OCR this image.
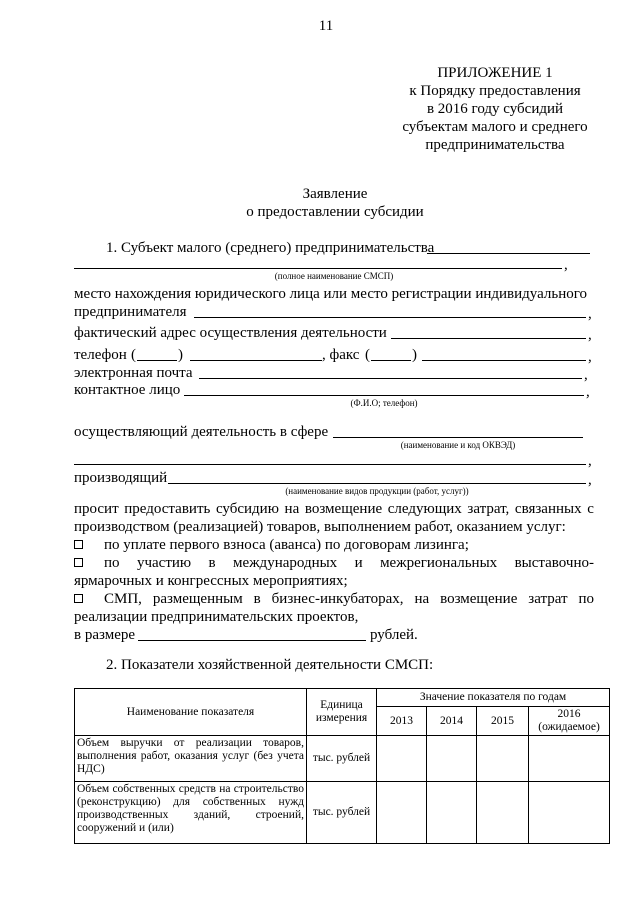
11
ПРИЛОЖЕНИЕ 1
к Порядку предоставления
в 2016 году субсидий
субъектам малого и среднего
предпринимательства
Заявление
о предоставлении субсидии
1. Субъект малого (среднего) предпринимательства
,
(полное наименование СМСП)
место нахождения юридического лица или место регистрации индивидуального
предпринимателя	,
фактический адрес осуществления деятельности	,
телефон (	)	, факс (	)	,
электронная почта	,
контактное лицо	,
(Ф.И.О; телефон)
осуществляющий деятельность в сфере
(наименование и код ОКВЭД)
,
производящий	,
(наименование видов продукции (работ, услуг))
просит предоставить субсидию на возмещение следующих затрат, связанных с
производством (реализацией) товаров, выполнением работ, оказанием услуг:
по уплате первого взноса (аванса) по договорам лизинга;
по участию в международных и межрегиональных выставочно-
ярмарочных и конгрессных мероприятиях;
СМП, размещенным в бизнес-инкубаторах, на возмещение затрат по
реализации предпринимательских проектов,
в размере	рублей.
2. Показатели хозяйственной деятельности СМСП:
Наименование показателя	Единица измерения	Значение показателя по годам			
		2013	2014	2015	2016 (ожидаемое)
Объем выручки от реализации товаров, выполнения работ, оказания услуг (без учета НДС)	тыс. рублей				
Объем собственных средств на строительство (реконструкцию) для собственных нужд производственных зданий, строений, сооружений и (или)	тыс. рублей				
